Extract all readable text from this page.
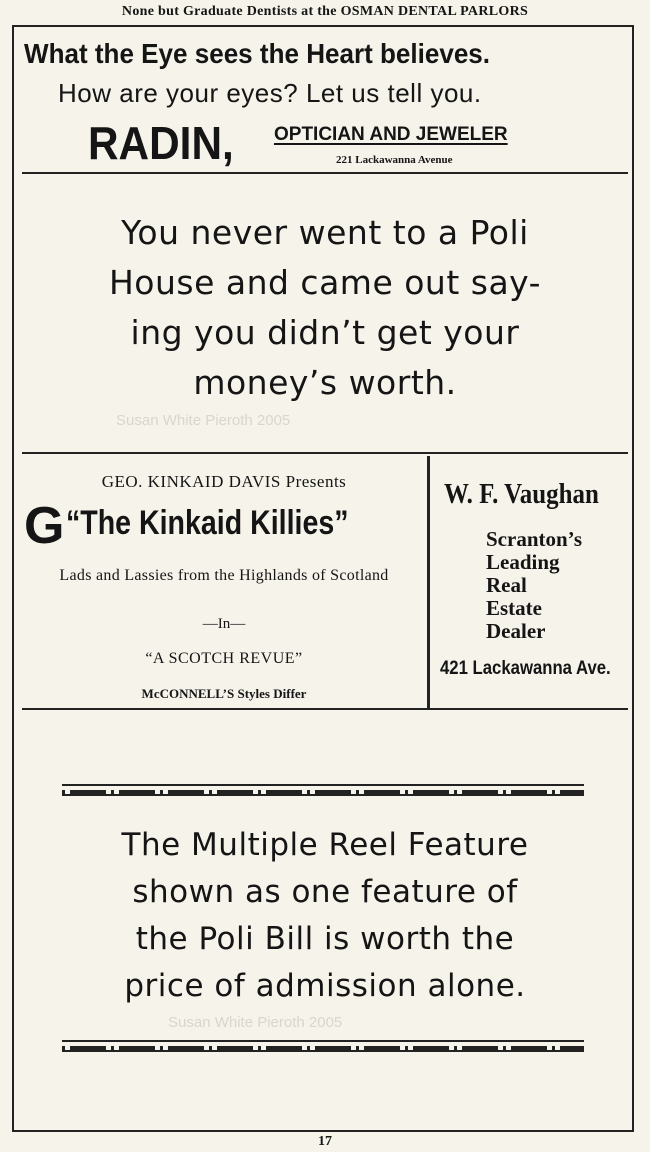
None but Graduate Dentists at the OSMAN DENTAL PARLORS
What the Eye sees the Heart believes.
How are your eyes? Let us tell you.
RADIN, OPTICIAN AND JEWELER
221 Lackawanna Avenue
You never went to a Poli
House and came out say-
ing you didn’t get your
money’s worth.
Susan White Pieroth 2005
GEO. KINKAID DAVIS Presents
G “The Kinkaid Killies”
Lads and Lassies from the Highlands of Scotland
—In—
“A SCOTCH REVUE”
McCONNELL’S Styles Differ
W. F. Vaughan
Scranton’s
Leading
Real
Estate
Dealer
421 Lackawanna Ave.
The Multiple Reel Feature
shown as one feature of
the Poli Bill is worth the
price of admission alone.
Susan White Pieroth 2005
17
